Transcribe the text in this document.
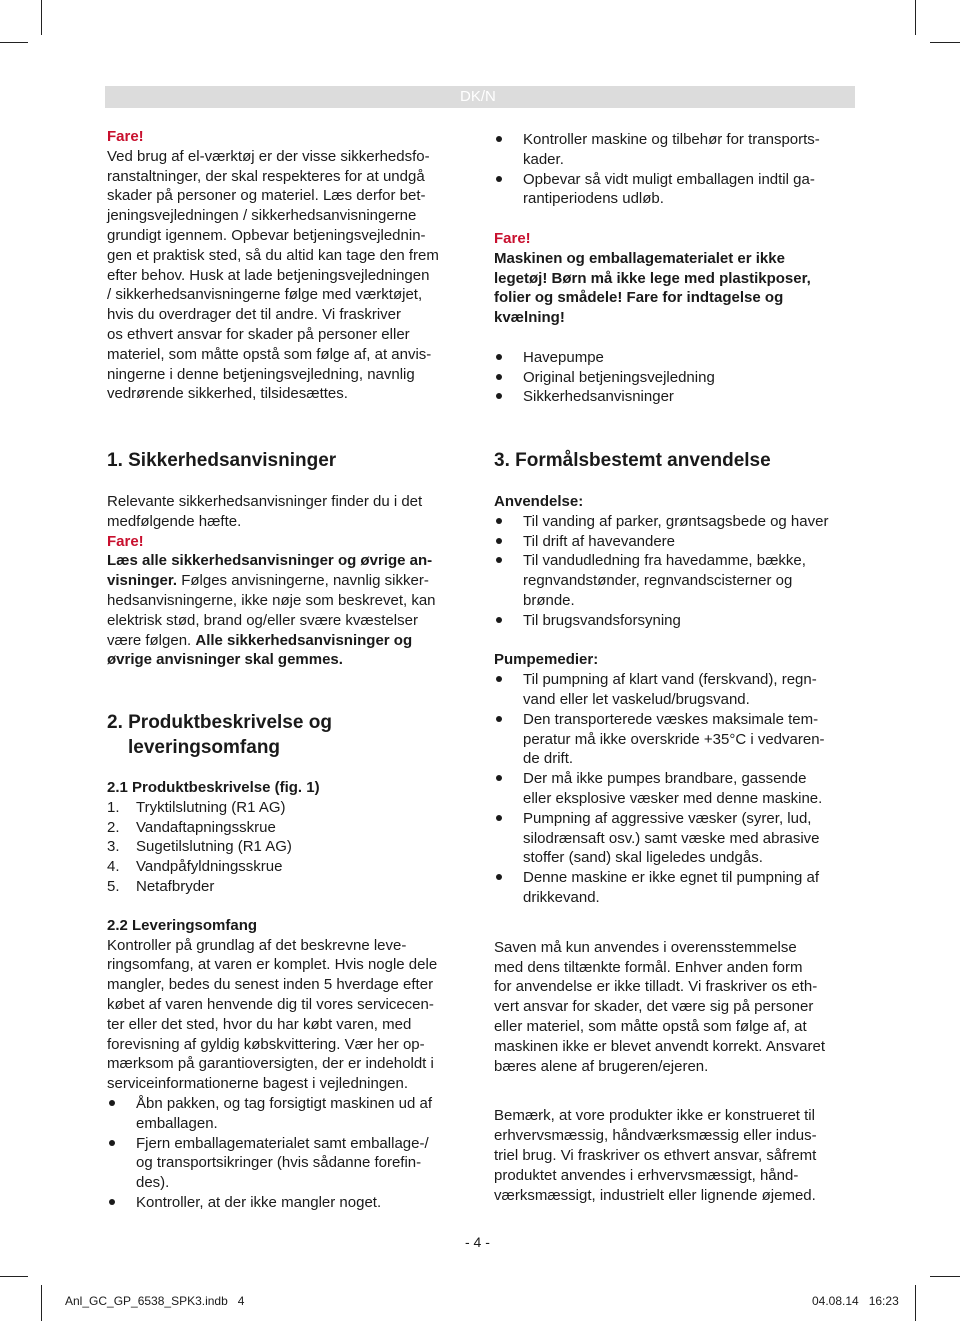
DK/N

Fare!

Ved brug af el-værktøj er der visse sikkerhedsfo-

ranstaltninger, der skal respekteres for at undgå

skader på personer og materiel. Læs derfor bet-

jeningsvejledningen / sikkerhedsanvisningerne

grundigt igennem. Opbevar betjeningsvejlednin-

gen et praktisk sted, så du altid kan tage den frem

efter behov. Husk at lade betjeningsvejledningen

/ sikkerhedsanvisningerne følge med værktøjet,

hvis du overdrager det til andre. Vi fraskriver

os ethvert ansvar for skader på personer eller

materiel, som måtte opstå som følge af, at anvis-

ningerne i denne betjeningsvejledning, navnlig

vedrørende sikkerhed, tilsidesættes.

Kontroller maskine og tilbehør for transports-
kader.
Opbevar så vidt muligt emballagen indtil ga-
rantiperiodens udløb.

Fare!

Maskinen og emballagematerialet er ikke

legetøj! Børn må ikke lege med plastikposer,

folier og smådele! Fare for indtagelse og

kvælning!

Havepumpe
Original betjeningsvejledning
Sikkerhedsanvisninger

1. Sikkerhedsanvisninger

Relevante sikkerhedsanvisninger finder du i det

medfølgende hæfte.

Fare!

Læs alle sikkerhedsanvisninger og øvrige an-

visninger. Følges anvisningerne, navnlig sikker-

hedsanvisningerne, ikke nøje som beskrevet, kan

elektrisk stød, brand og/eller svære kvæstelser

være følgen. Alle sikkerhedsanvisninger og

øvrige anvisninger skal gemmes.

2. Produktbeskrivelse og

leveringsomfang

2.1 Produktbeskrivelse (fig. 1)

1. Tryktilslutning (R1 AG)
2. Vandaftapningsskrue
3. Sugetilslutning (R1 AG)
4. Vandpåfyldningsskrue
5. Netafbryder

2.2 Leveringsomfang

Kontroller på grundlag af det beskrevne leve-

ringsomfang, at varen er komplet. Hvis nogle dele

mangler, bedes du senest inden 5 hverdage efter

købet af varen henvende dig til vores servicecen-

ter eller det sted, hvor du har købt varen, med

forevisning af gyldig købskvittering. Vær her op-

mærksom på garantioversigten, der er indeholdt i

serviceinformationerne bagest i vejledningen.

Åbn pakken, og tag forsigtigt maskinen ud af
emballagen.
Fjern emballagematerialet samt emballage-/
og transportsikringer (hvis sådanne forefin-
des).
Kontroller, at der ikke mangler noget.

3. Formålsbestemt anvendelse

Anvendelse:

Til vanding af parker, grøntsagsbede og haver
Til drift af havevandere
Til vandudledning fra havedamme, bække,
regnvandstønder, regnvandscisterner og
brønde.
Til brugsvandsforsyning

Pumpemedier:

Til pumpning af klart vand (ferskvand), regn-
vand eller let vaskelud/brugsvand.
Den transporterede væskes maksimale tem-
peratur må ikke overskride +35°C i vedvaren-
de drift.
Der må ikke pumpes brandbare, gassende
eller eksplosive væsker med denne maskine.
Pumpning af aggressive væsker (syrer, lud,
silodrænsaft osv.) samt væske med abrasive
stoffer (sand) skal ligeledes undgås.
Denne maskine er ikke egnet til pumpning af
drikkevand.

Saven må kun anvendes i overensstemmelse

med dens tiltænkte formål. Enhver anden form

for anvendelse er ikke tilladt. Vi fraskriver os eth-

vert ansvar for skader, det være sig på personer

eller materiel, som måtte opstå som følge af, at

maskinen ikke er blevet anvendt korrekt. Ansvaret

bæres alene af brugeren/ejeren.

Bemærk, at vore produkter ikke er konstrueret til

erhvervsmæssig, håndværksmæssig eller indus-

triel brug. Vi fraskriver os ethvert ansvar, såfremt

produktet anvendes i erhvervsmæssigt, hånd-

værksmæssigt, industrielt eller lignende øjemed.

- 4 -
Anl_GC_GP_6538_SPK3.indb   4	04.08.14   16:23
